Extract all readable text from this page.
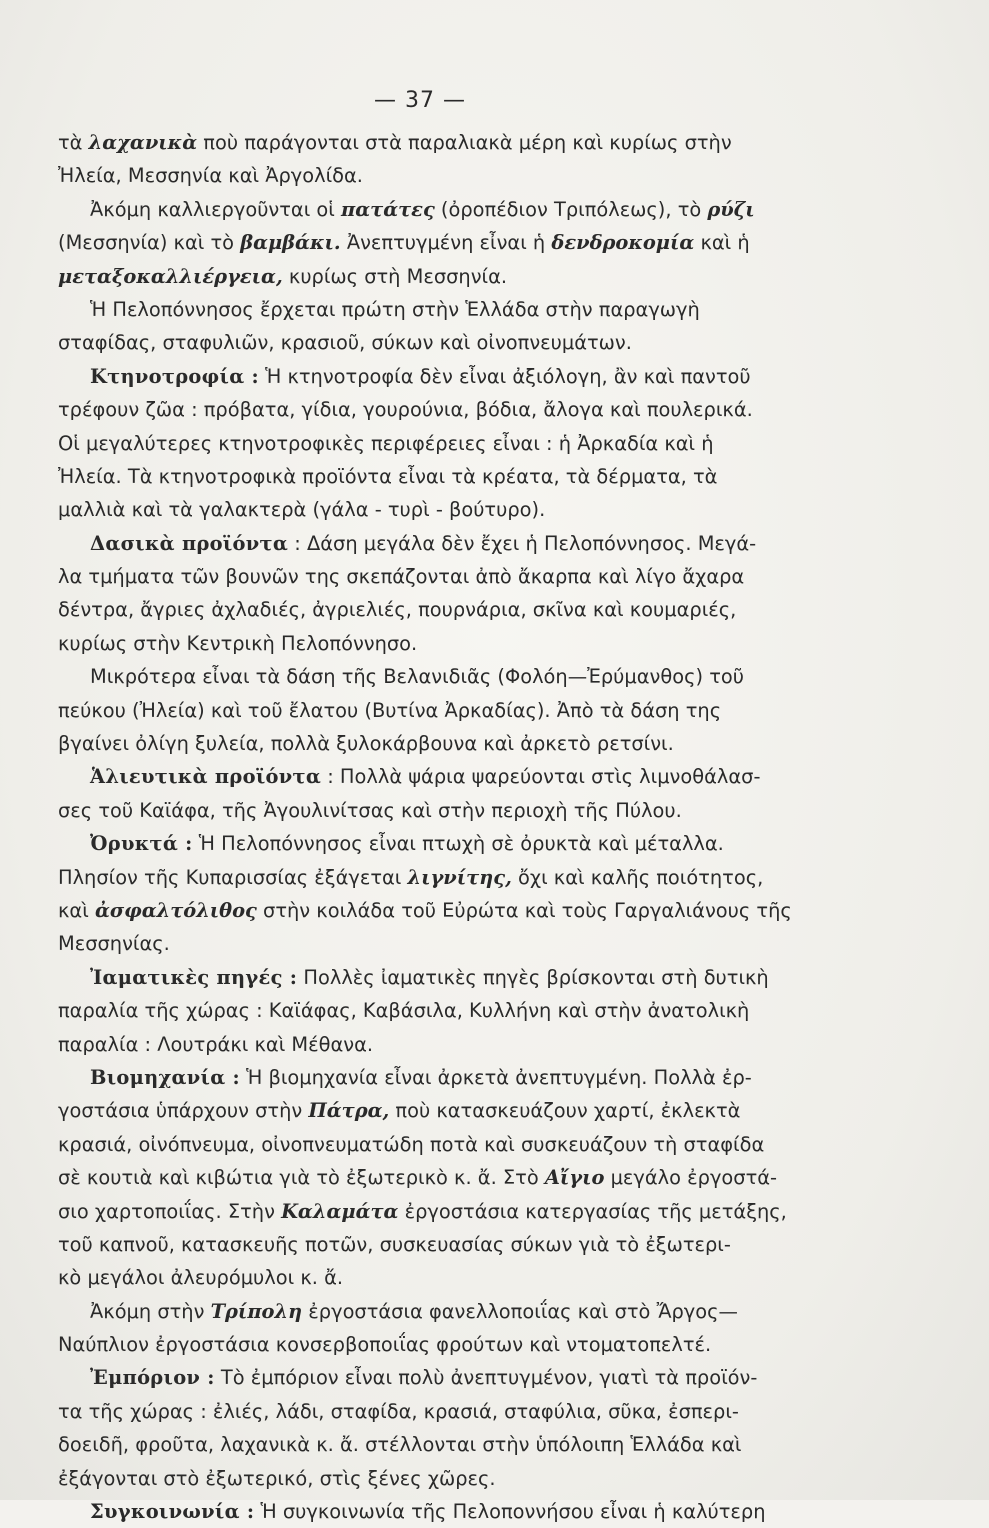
— 37 —
τὰ λαχανικὰ ποὺ παράγονται στὰ παραλιακὰ μέρη καὶ κυρίως στὴν
Ἠλεία, Μεσσηνία καὶ Ἀργολίδα.
Ἀκόμη καλλιεργοῦνται οἱ πατάτες (ὀροπέδιον Τριπόλεως), τὸ ρύζι
(Μεσσηνία) καὶ τὸ βαμβάκι. Ἀνεπτυγμένη εἶναι ἡ δενδροκομία καὶ ἡ
μεταξοκαλλιέργεια, κυρίως στὴ Μεσσηνία.
Ἡ Πελοπόννησος ἔρχεται πρώτη στὴν Ἑλλάδα στὴν παραγωγὴ
σταφίδας, σταφυλιῶν, κρασιοῦ, σύκων καὶ οἰνοπνευμάτων.
Κτηνοτροφία : Ἡ κτηνοτροφία δὲν εἶναι ἀξιόλογη, ἂν καὶ παντοῦ
τρέφουν ζῶα : πρόβατα, γίδια, γουρούνια, βόδια, ἄλογα καὶ πουλερικά.
Οἱ μεγαλύτερες κτηνοτροφικὲς περιφέρειες εἶναι : ἡ Ἀρκαδία καὶ ἡ
Ἠλεία. Τὰ κτηνοτροφικὰ προϊόντα εἶναι τὰ κρέατα, τὰ δέρματα, τὰ
μαλλιὰ καὶ τὰ γαλακτερὰ (γάλα - τυρὶ - βούτυρο).
Δασικὰ προϊόντα : Δάση μεγάλα δὲν ἔχει ἡ Πελοπόννησος. Μεγά-
λα τμήματα τῶν βουνῶν της σκεπάζονται ἀπὸ ἄκαρπα καὶ λίγο ἄχαρα
δέντρα, ἄγριες ἀχλαδιές, ἀγριελιές, πουρνάρια, σκῖνα καὶ κουμαριές,
κυρίως στὴν Κεντρικὴ Πελοπόννησο.
Μικρότερα εἶναι τὰ δάση τῆς Βελανιδιᾶς (Φολόη—Ἐρύμανθος) τοῦ
πεύκου (Ἠλεία) καὶ τοῦ ἔλατου (Βυτίνα Ἀρκαδίας). Ἀπὸ τὰ δάση της
βγαίνει ὀλίγη ξυλεία, πολλὰ ξυλοκάρβουνα καὶ ἀρκετὸ ρετσίνι.
Ἁλιευτικὰ προϊόντα : Πολλὰ ψάρια ψαρεύονται στὶς λιμνοθάλασ-
σες τοῦ Καϊάφα, τῆς Ἀγουλινίτσας καὶ στὴν περιοχὴ τῆς Πύλου.
Ὀρυκτά : Ἡ Πελοπόννησος εἶναι πτωχὴ σὲ ὀρυκτὰ καὶ μέταλλα.
Πλησίον τῆς Κυπαρισσίας ἐξάγεται λιγνίτης, ὄχι καὶ καλῆς ποιότητος,
καὶ ἀσφαλτόλιθος στὴν κοιλάδα τοῦ Εὐρώτα καὶ τοὺς Γαργαλιάνους τῆς
Μεσσηνίας.
Ἰαματικὲς πηγές : Πολλὲς ἰαματικὲς πηγὲς βρίσκονται στὴ δυτικὴ
παραλία τῆς χώρας : Καϊάφας, Καβάσιλα, Κυλλήνη καὶ στὴν ἀνατολικὴ
παραλία : Λουτράκι καὶ Μέθανα.
Βιομηχανία : Ἡ βιομηχανία εἶναι ἀρκετὰ ἀνεπτυγμένη. Πολλὰ ἐρ-
γοστάσια ὑπάρχουν στὴν Πάτρα, ποὺ κατασκευάζουν χαρτί, ἐκλεκτὰ
κρασιά, οἰνόπνευμα, οἰνοπνευματώδη ποτὰ καὶ συσκευάζουν τὴ σταφίδα
σὲ κουτιὰ καὶ κιβώτια γιὰ τὸ ἐξωτερικὸ κ. ἄ. Στὸ Αἴγιο μεγάλο ἐργοστά-
σιο χαρτοποιΐας. Στὴν Καλαμάτα ἐργοστάσια κατεργασίας τῆς μετάξης,
τοῦ καπνοῦ, κατασκευῆς ποτῶν, συσκευασίας σύκων γιὰ τὸ ἐξωτερι-
κὸ μεγάλοι ἀλευρόμυλοι κ. ἄ.
Ἀκόμη στὴν Τρίπολη ἐργοστάσια φανελλοποιΐας καὶ στὸ Ἄργος—
Ναύπλιον ἐργοστάσια κονσερβοποιΐας φρούτων καὶ ντοματοπελτέ.
Ἐμπόριον : Τὸ ἐμπόριον εἶναι πολὺ ἀνεπτυγμένον, γιατὶ τὰ προϊόν-
τα τῆς χώρας : ἐλιές, λάδι, σταφίδα, κρασιά, σταφύλια, σῦκα, ἐσπερι-
δοειδῆ, φροῦτα, λαχανικὰ κ. ἄ. στέλλονται στὴν ὑπόλοιπη Ἑλλάδα καὶ
ἐξάγονται στὸ ἐξωτερικό, στὶς ξένες χῶρες.
Συγκοινωνία : Ἡ συγκοινωνία τῆς Πελοποννήσου εἶναι ἡ καλύτερη
